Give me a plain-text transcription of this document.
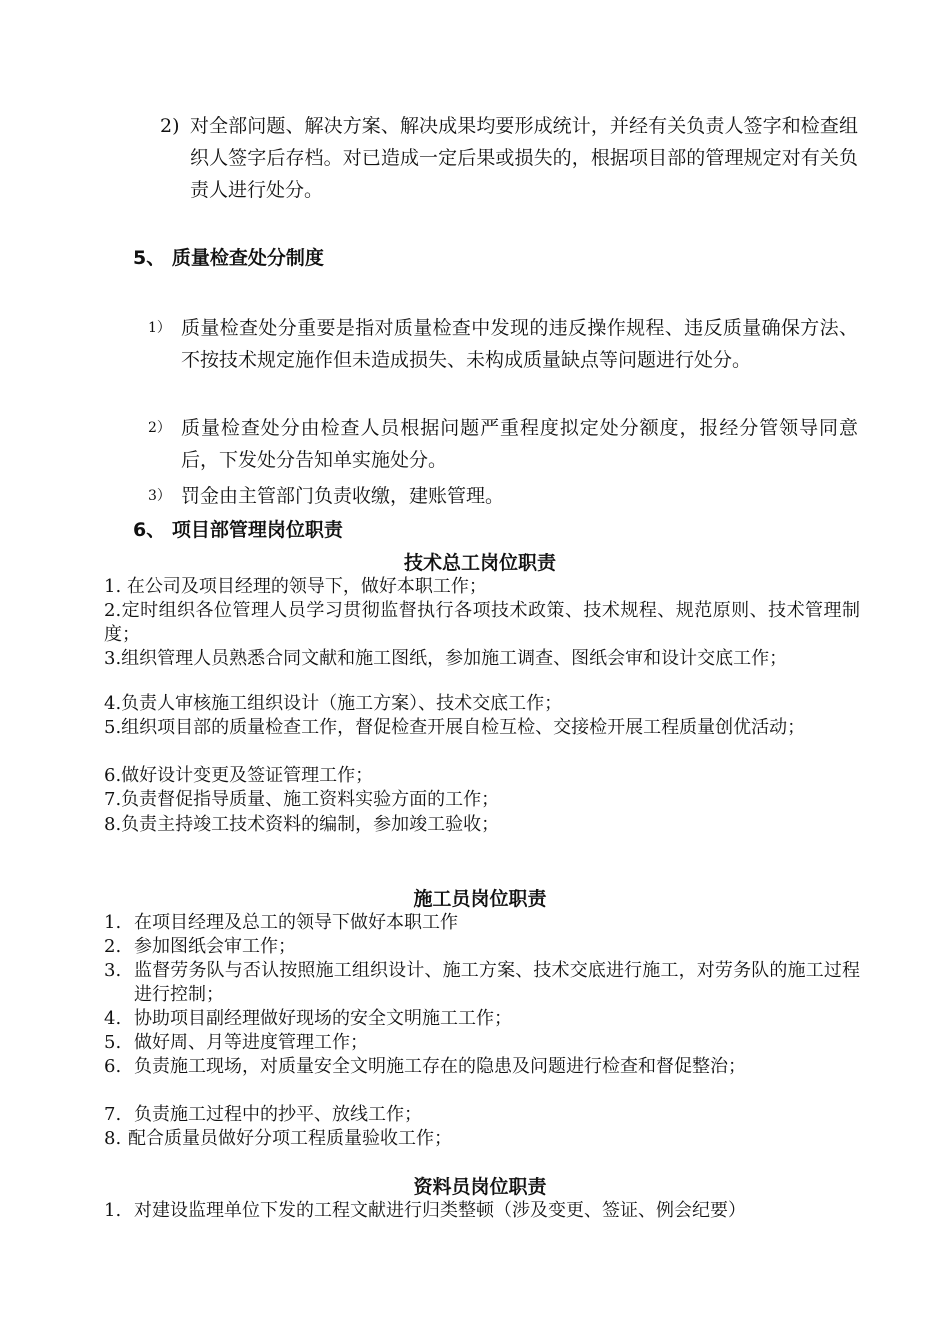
2) 对全部问题、解决方案、解决成果均要形成统计，并经有关负责人签字和检查组织人签字后存档。对已造成一定后果或损失的，根据项目部的管理规定对有关负责人进行处分。
5、 质量检查处分制度
1） 质量检查处分重要是指对质量检查中发现的违反操作规程、违反质量确保方法、不按技术规定施作但未造成损失、未构成质量缺点等问题进行处分。
2） 质量检查处分由检查人员根据问题严重程度拟定处分额度，报经分管领导同意后，下发处分告知单实施处分。
3） 罚金由主管部门负责收缴，建账管理。
6、 项目部管理岗位职责
技术总工岗位职责
1. 在公司及项目经理的领导下，做好本职工作；
2.定时组织各位管理人员学习贯彻监督执行各项技术政策、技术规程、规范原则、技术管理制度；
3.组织管理人员熟悉合同文献和施工图纸，参加施工调查、图纸会审和设计交底工作；
4.负责人审核施工组织设计（施工方案）、技术交底工作；
5.组织项目部的质量检查工作，督促检查开展自检互检、交接检开展工程质量创优活动；
6.做好设计变更及签证管理工作；
7.负责督促指导质量、施工资料实验方面的工作；
8.负责主持竣工技术资料的编制，参加竣工验收；
施工员岗位职责
1. 在项目经理及总工的领导下做好本职工作
2. 参加图纸会审工作；
3. 监督劳务队与否认按照施工组织设计、施工方案、技术交底进行施工，对劳务队的施工过程进行控制；
4. 协助项目副经理做好现场的安全文明施工工作；
5. 做好周、月等进度管理工作；
6. 负责施工现场，对质量安全文明施工存在的隐患及问题进行检查和督促整治；
7. 负责施工过程中的抄平、放线工作；
8. 配合质量员做好分项工程质量验收工作；
资料员岗位职责
1. 对建设监理单位下发的工程文献进行归类整顿（涉及变更、签证、例会纪要）
